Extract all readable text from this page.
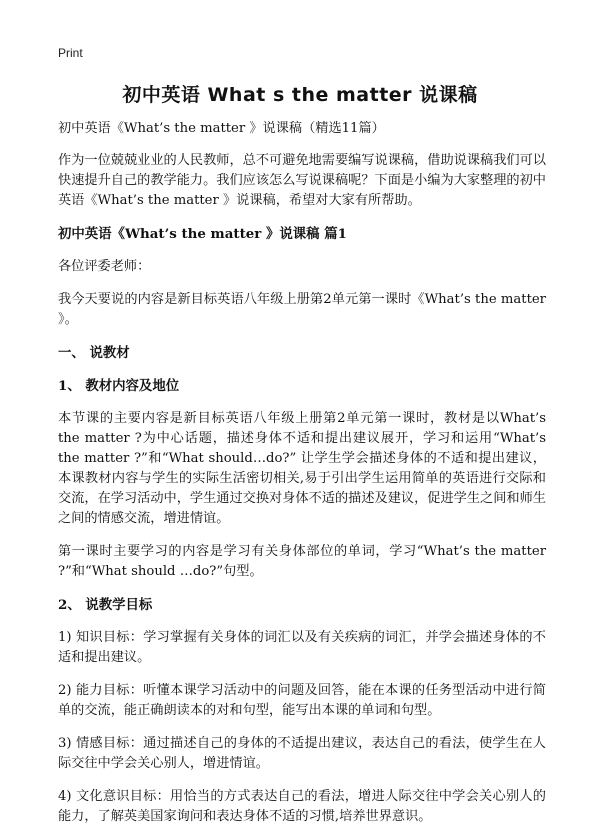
Print
初中英语 What s the matter 说课稿

初中英语《What’s the matter 》说课稿（精选11篇）

作为一位兢兢业业的人民教师，总不可避免地需要编写说课稿，借助说课稿我们可以快速提升自己的教学能力。我们应该怎么写说课稿呢？下面是小编为大家整理的初中英语《What’s the matter 》说课稿，希望对大家有所帮助。

初中英语《What’s the matter 》说课稿 篇1

各位评委老师：

我今天要说的内容是新目标英语八年级上册第2单元第一课时《What’s the matter 》。

一、 说教材
1、 教材内容及地位

本节课的主要内容是新目标英语八年级上册第2单元第一课时，教材是以What’s the matter ?为中心话题，描述身体不适和提出建议展开，学习和运用“What’s the matter ?”和“What should…do?” 让学生学会描述身体的不适和提出建议，本课教材内容与学生的实际生活密切相关,易于引出学生运用简单的英语进行交际和交流，在学习活动中，学生通过交换对身体不适的描述及建议，促进学生之间和师生之间的情感交流，增进情谊。

第一课时主要学习的内容是学习有关身体部位的单词，学习“What’s the matter ?”和“What should …do?”句型。

2、 说教学目标

1) 知识目标：学习掌握有关身体的词汇以及有关疾病的词汇，并学会描述身体的不适和提出建议。

2) 能力目标：听懂本课学习活动中的问题及回答，能在本课的任务型活动中进行简单的交流，能正确朗读本的对和句型，能写出本课的单词和句型。

3) 情感目标：通过描述自己的身体的不适提出建议，表达自己的看法，使学生在人际交往中学会关心别人，增进情谊。

4) 文化意识目标：用恰当的方式表达自己的看法，增进人际交往中学会关心别人的能力，了解英美国家询问和表达身体不适的习惯,培养世界意识。
